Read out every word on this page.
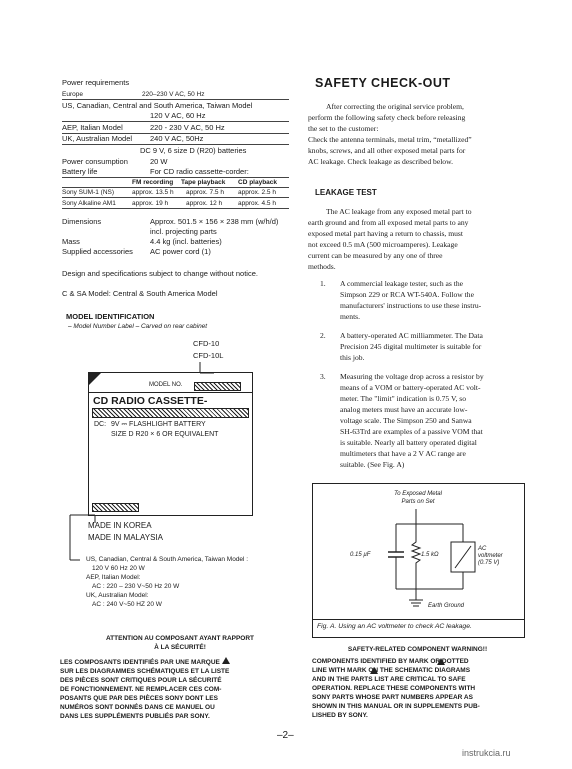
Power requirements
Europe	220–230 V AC, 50 Hz
US, Canadian, Central and South America, Taiwan Model
120 V AC, 60 Hz
AEP, Italian Model	220 - 230 V AC, 50 Hz
UK, Australian Model 240 V AC, 50Hz
DC 9 V, 6 size D (R20) batteries
Power consumption	20 W
Battery life	For CD radio cassette-corder:
FM recording Tape playback CD playback
Sony SUM-1 (NS)	approx. 13.5 h approx. 7.5 h approx. 2.5 h
Sony Alkaline AM1 approx. 19 h	approx. 12 h approx. 4.5 h
Dimensions	Approx. 501.5 × 156 × 238 mm (w/h/d)
incl. projecting parts
Mass	4.4 kg (incl. batteries)
Supplied accessories AC power cord (1)
Design and specifications subject to change without notice.
C & SA Model: Central & South America Model
MODEL IDENTIFICATION
– Model Number Label – Carved on rear cabinet
CFD-10
CFD-10L
MODEL NO.
CD RADIO CASSETTE-
DC: 9V ⎓ FLASHLIGHT BATTERY
SIZE D R20 × 6 OR EQUIVALENT
MADE IN KOREA
MADE IN MALAYSIA
US, Canadian, Central & South America, Taiwan Model :
120 V 60 Hz 20 W
AEP, Italian Model:
AC : 220 – 230 V~50 Hz 20 W
UK, Australian Model:
AC : 240 V~50 HZ 20 W
ATTENTION AU COMPOSANT AYANT RAPPORT
À LA SÉCURITÉ!
LES COMPOSANTS IDENTIFIÉS PAR UNE MARQUE
SUR LES DIAGRAMMES SCHÉMATIQUES ET LA LISTE
DES PIÈCES SONT CRITIQUES POUR LA SÉCURITÉ
DE FONCTIONNEMENT. NE REMPLACER CES COM-
POSANTS QUE PAR DES PIÈCES SONY DONT LES
NUMÉROS SONT DONNÉS DANS CE MANUEL OU
DANS LES SUPPLÉMENTS PUBLIÉS PAR SONY.
SAFETY CHECK-OUT
After correcting the original service problem,
perform the following safety check before releasing
the set to the customer:
Check the antenna terminals, metal trim, “metallized”
knobs, screws, and all other exposed metal parts for
AC leakage. Check leakage as described below.
LEAKAGE TEST
The AC leakage from any exposed metal part to
earth ground and from all exposed metal parts to any
exposed metal part having a return to chassis, must
not exceed 0.5 mA (500 microamperes). Leakage
current can be measured by any one of three
methods.
1. A commercial leakage tester, such as the
Simpson 229 or RCA WT-540A. Follow the
manufacturers' instructions to use these instru-
ments.
2. A battery-operated AC milliammeter. The Data
Precision 245 digital multimeter is suitable for
this job.
3. Measuring the voltage drop across a resistor by
means of a VOM or battery-operated AC volt-
meter. The "limit" indication is 0.75 V, so
analog meters must have an accurate low-
voltage scale. The Simpson 250 and Sanwa
SH-63Trd are examples of a passive VOM that
is suitable. Nearly all battery operated digital
multimeters that have a 2 V AC range are
suitable. (See Fig. A)
To Exposed Metal
Parts on Set
0.15 µF	1.5 kΩ
AC
voltmeter
(0.75 V)
Earth Ground
Fig. A. Using an AC voltmeter to check AC leakage.
SAFETY-RELATED COMPONENT WARNING!!
COMPONENTS IDENTIFIED BY MARK OR DOTTED
LINE WITH MARK ON THE SCHEMATIC DIAGRAMS
AND IN THE PARTS LIST ARE CRITICAL TO SAFE
OPERATION. REPLACE THESE COMPONENTS WITH
SONY PARTS WHOSE PART NUMBERS APPEAR AS
SHOWN IN THIS MANUAL OR IN SUPPLEMENTS PUB-
LISHED BY SONY.
–2–
instrukcia.ru
